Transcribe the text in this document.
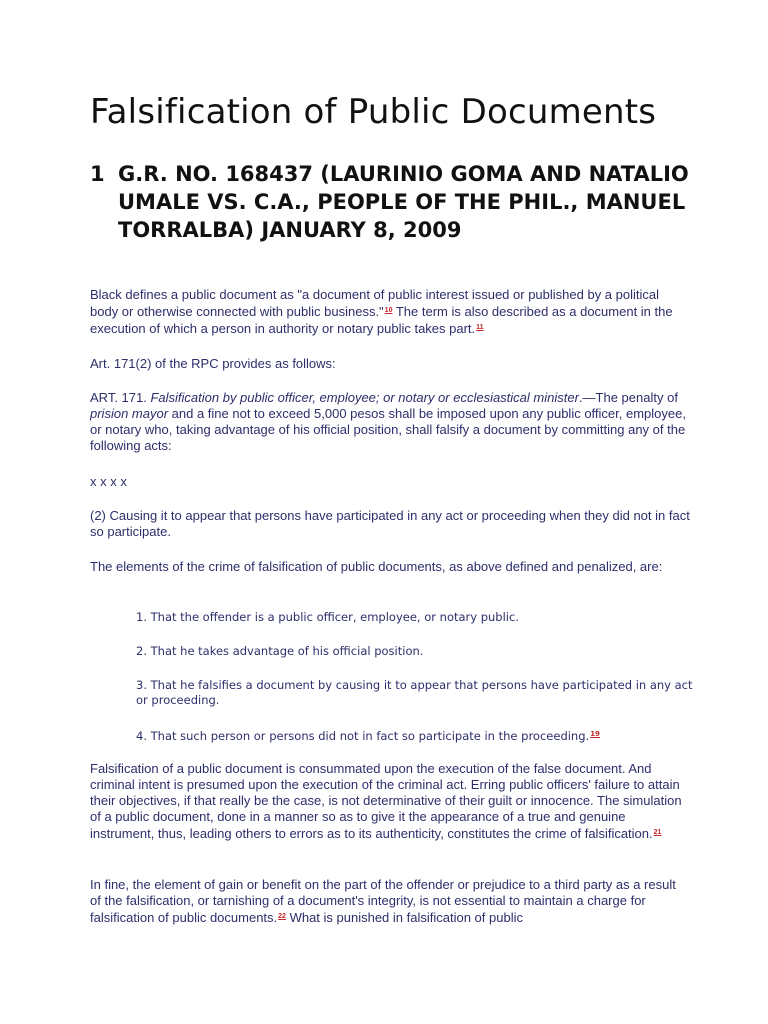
Falsification of Public Documents
1 G.R. NO. 168437 (LAURINIO GOMA AND NATALIO UMALE VS. C.A., PEOPLE OF THE PHIL., MANUEL TORRALBA) JANUARY 8, 2009

Black defines a public document as "a document of public interest issued or published by a political body or otherwise connected with public business."$^{10}$ The term is also described as a document in the execution of which a person in authority or notary public takes part.$^{11}$

Art. 171(2) of the RPC provides as follows:

ART. 171. Falsification by public officer, employee; or notary or ecclesiastical minister.—The penalty of prision mayor and a fine not to exceed 5,000 pesos shall be imposed upon any public officer, employee, or notary who, taking advantage of his official position, shall falsify a document by committing any of the following acts:

x x x x

(2) Causing it to appear that persons have participated in any act or proceeding when they did not in fact so participate.

The elements of the crime of falsification of public documents, as above defined and penalized, are:

1. That the offender is a public officer, employee, or notary public.

2. That he takes advantage of his official position.

3. That he falsifies a document by causing it to appear that persons have participated in any act or proceeding.

4. That such person or persons did not in fact so participate in the proceeding.$^{19}$

Falsification of a public document is consummated upon the execution of the false document. And criminal intent is presumed upon the execution of the criminal act. Erring public officers' failure to attain their objectives, if that really be the case, is not determinative of their guilt or innocence. The simulation of a public document, done in a manner so as to give it the appearance of a true and genuine instrument, thus, leading others to errors as to its authenticity, constitutes the crime of falsification.$^{21}$

In fine, the element of gain or benefit on the part of the offender or prejudice to a third party as a result of the falsification, or tarnishing of a document's integrity, is not essential to maintain a charge for falsification of public documents.$^{22}$ What is punished in falsification of public
